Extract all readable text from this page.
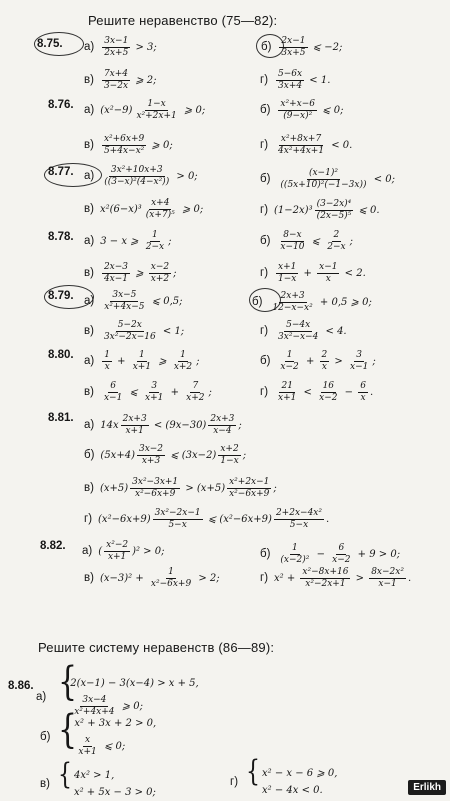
Решите неравенство (75—82):
Решите систему неравенств (86—89):
{
{
{	{	Erlikh
8.75. $а) \frac{3x-1}{2x+5} > 3$;	$б) \frac{2x-1}{3x+5}$ ⩽ −2;
$в) \frac{7x+4}{3-2x}$ ⩾ 2;	$г) \frac{5-6x}{3x+4} < 1$.
8.76. а) $(x^2-9) \frac{1-x}{\text{x²+2x+1}}$ ⩾ 0;	$б) \frac{\text{x²+x−6}}{\text{(9−x)²}}$ ⩽ 0;
$в) \frac{\text{x²+6x+9}}{\text{5+4x−x²}}$ ⩾ 0;	$г) \frac{\text{x²+8x+7}}{\text{4x²+4x+1}} < 0$.
8.77. $а) \frac{\text{3x²+10x+3}}{\text{((3−x)²(4−x²))}} > 0$;	$б) \frac{\text{(x−1)²}}{\text{((5x+10)²(−1−3x))}} < 0$;
в) $x^2(6-x)^3 \frac{x+4}{\text{(x+7)⁵}}$ ⩾ 0;	г) $(1-2x)^3 \frac{\text{(3−2x)⁴}}{\text{(2x−5)⁵}}$ ⩽ 0.
8.78. а) 3 − x ⩾ $\frac{1}{2-x}$ ;	$б) \frac{8-x}{x-10}$ ⩽ $\frac{2}{2-x}$ ;
$в) \frac{2x-3}{4x-1}$ ⩾ $\frac{x-2}{x+2}$ ;	$г) \frac{x+1}{1-x} + \frac{x-1}{x} < 2$.
8.79. $а) \frac{3x-5}{\text{x²+4x−5}}$ ⩽ 0,5;	$б) \frac{2x+3}{\text{12−x−x²}} + 0,5$ ⩾ 0;
$в) \frac{5-2x}{\text{3x²−2x−16}} < 1$;	$г) \frac{5-4x}{\text{3x²−x−4}} < 4$.
8.80. $а) \frac{1}{x} + \frac{1}{x+1}$ ⩾ $\frac{1}{x+2}$ ;	$б) \frac{1}{x-2} + \frac{2}{x} > \frac{3}{x-1}$ ;
$в) \frac{6}{x-1}$ ⩽ $\frac{3}{x+1} + \frac{7}{x+2}$ ;	$г) \frac{21}{x+1} < \frac{16}{x-2} - \frac{6}{x}$ .
8.81.
а) $14x \frac{2x+3}{x+1} < (9x-30) \frac{2x+3}{x-4}$ ;
б) $(5x+4) \frac{3x-2}{x+3}$ ⩽ $(3x-2) \frac{x+2}{1-x}$ ;
в) $(x+5) \frac{\text{3x²−3x+1}}{\text{x²−6x+9}} > (x+5) \frac{\text{x²+2x−1}}{\text{x²−6x+9}}$ ;
г) $(x^2-6x+9) \frac{\text{3x²−2x−1}}{5-x}$ ⩽ $(x^2-6x+9) \frac{\text{2+2x−4x²}}{5-x}$ .
8.82. а) ( $\frac{\text{x²−2}}{x+1} )^2 > 0$;	$б) \frac{1}{\text{(x−2)²}} - \frac{6}{x-2} + 9 > 0$;
в) $(x-3)^2 + \frac{1}{\text{x²−6x+9}} > 2$;	г) $x^2 + \frac{\text{x²−8x+16}}{\text{x²−2x+1}} > \frac{\text{8x−2x²}}{x-1}$ .
8.86.
а)
2(x−1) − 3(x−4) > x + 5,
$\frac{3x-4}{\text{x²+4x+4}}$ ⩾ 0;
б)
x² + 3x + 2 > 0,
$\frac{x}{x+1}$ ⩽ 0;
в)
4x² > 1,
x² + 5x − 3 > 0;
г)
x² − x − 6 ⩾ 0,
x² − 4x < 0.
